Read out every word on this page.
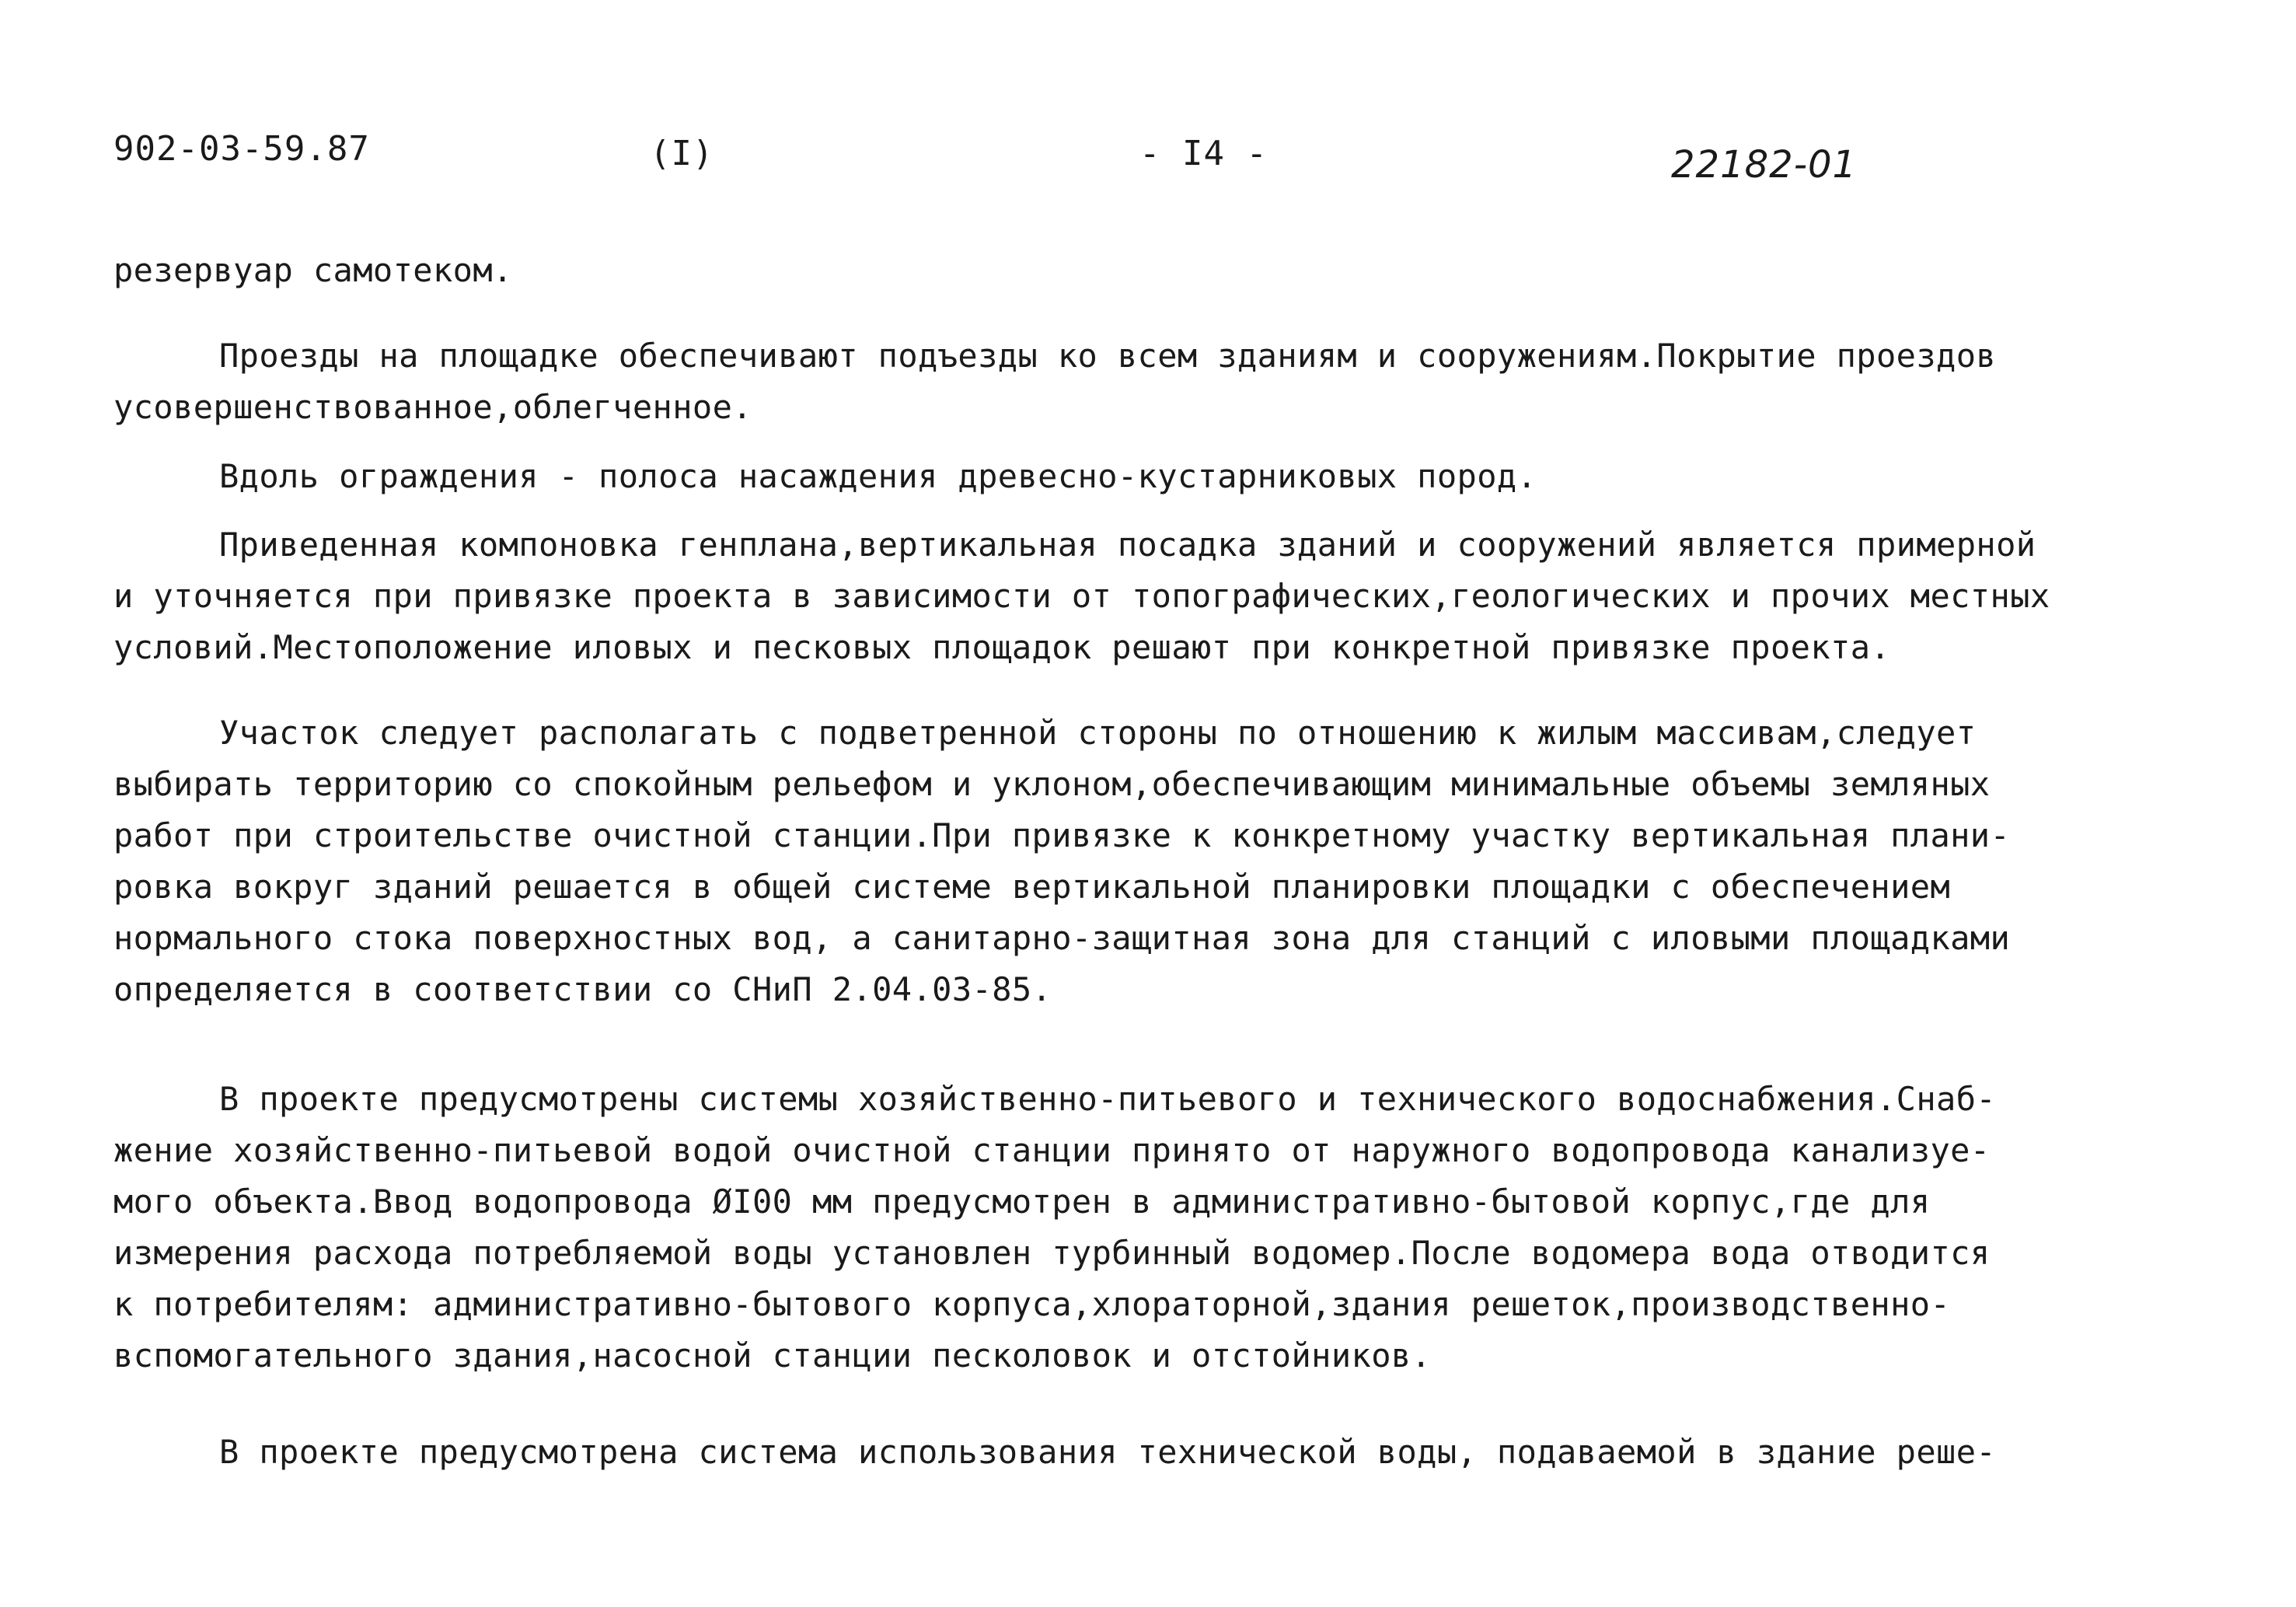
902-03-59.87	(I)	- I4 -	22182-01
резервуар самотеком.
Проезды на площадке обеспечивают подъезды ко всем зданиям и сооружениям.Покрытие проездов
усовершенствованное,облегченное.
Вдоль ограждения - полоса насаждения древесно-кустарниковых пород.
Приведенная компоновка генплана,вертикальная посадка зданий и сооружений является примерной
и уточняется при привязке проекта в зависимости от топографических,геологических и прочих местных
условий.Местоположение иловых и песковых площадок решают при конкретной привязке проекта.
Участок следует располагать с подветренной стороны по отношению к жилым массивам,следует
выбирать территорию со спокойным рельефом и уклоном,обеспечивающим минимальные объемы земляных
работ при строительстве очистной станции.При привязке к конкретному участку вертикальная плани-
ровка вокруг зданий решается в общей системе вертикальной планировки площадки с обеспечением
нормального стока поверхностных вод, а санитарно-защитная зона для станций с иловыми площадками
определяется в соответствии со СНиП 2.04.03-85.
В проекте предусмотрены системы хозяйственно-питьевого и технического водоснабжения.Снаб-
жение хозяйственно-питьевой водой очистной станции принято от наружного водопровода канализуе-
мого объекта.Ввод водопровода ØI00 мм предусмотрен в административно-бытовой корпус,где для
измерения расхода потребляемой воды установлен турбинный водомер.После водомера вода отводится
к потребителям: административно-бытового корпуса,хлораторной,здания решеток,производственно-
вспомогательного здания,насосной станции песколовок и отстойников.
В проекте предусмотрена система использования технической воды, подаваемой в здание реше-
